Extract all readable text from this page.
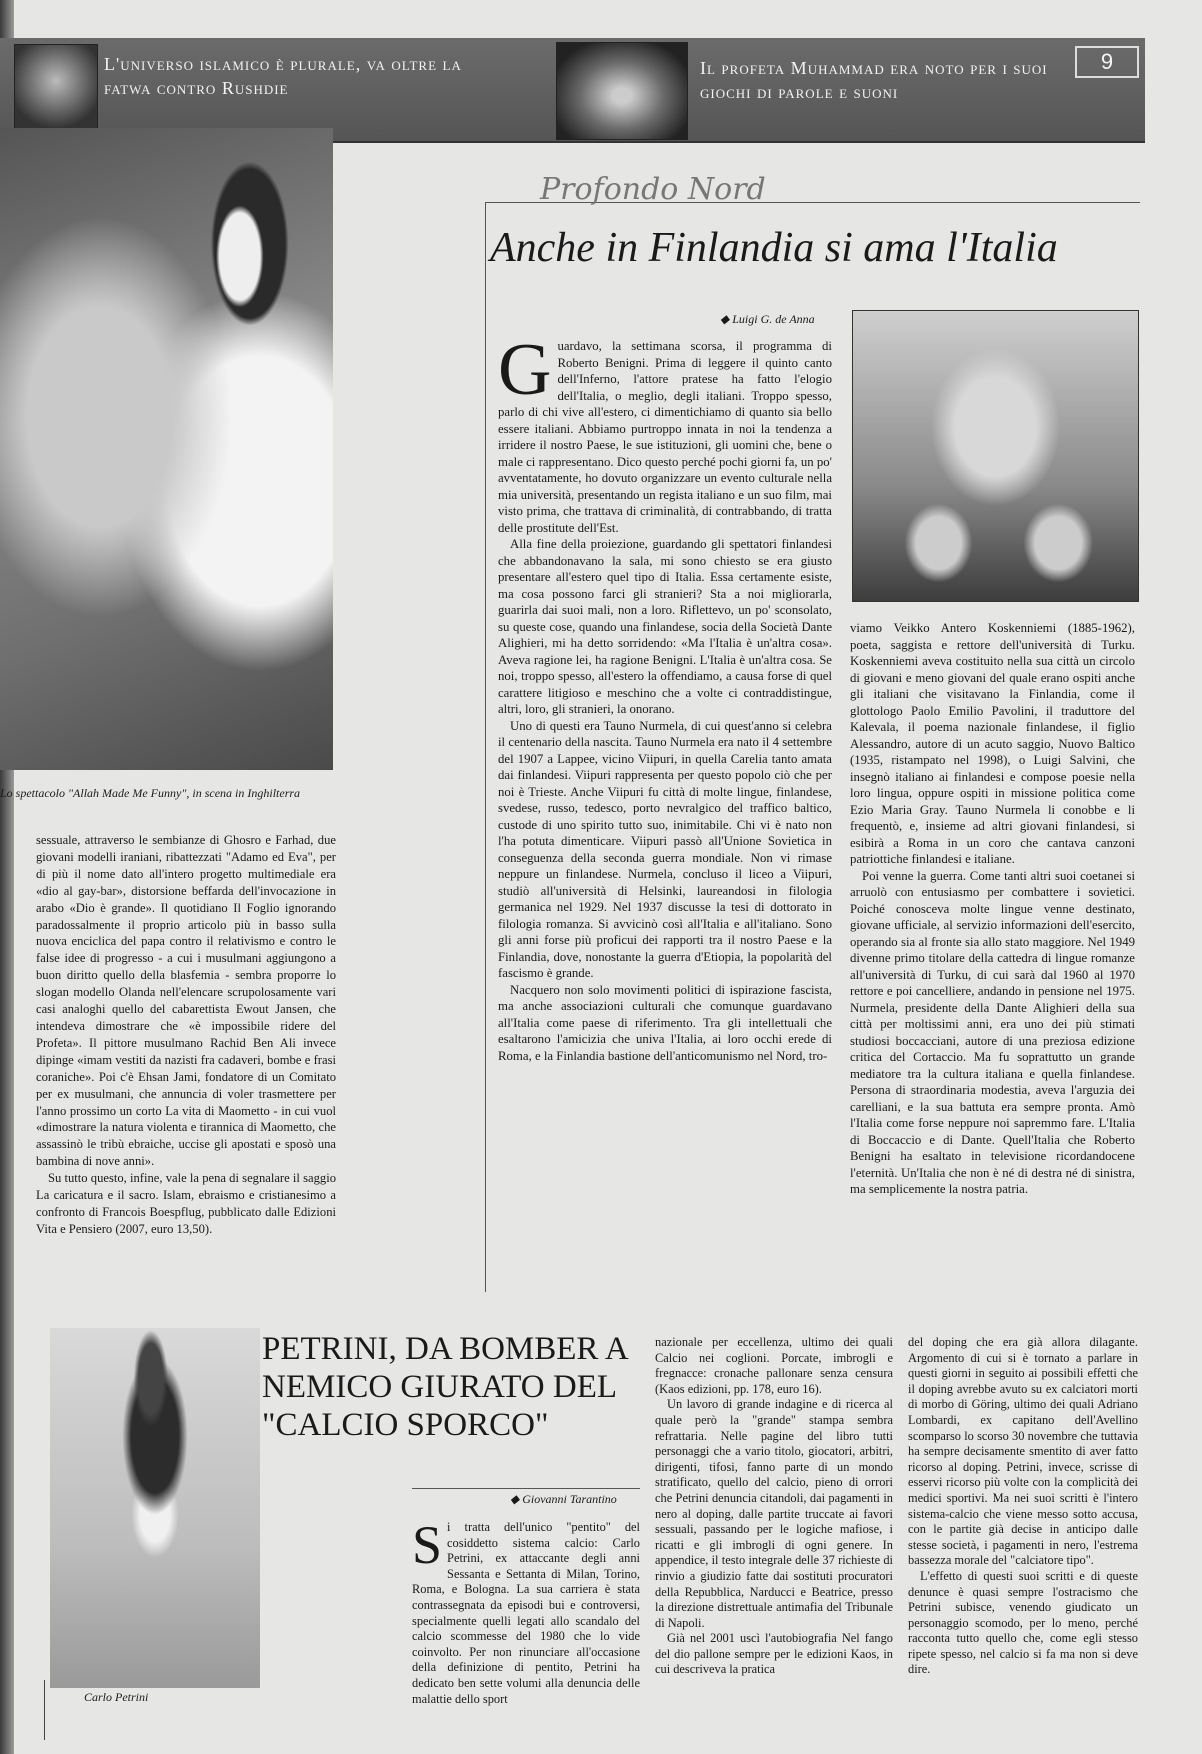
L'universo islamico è plurale, va oltre la fatwa contro Rushdie
Il profeta Muhammad era noto per i suoi giochi di parole e suoni
9
Lo spettacolo "Allah Made Me Funny", in scena in Inghilterra

sessuale, attraverso le sembianze di Ghosro e Farhad, due giovani modelli iraniani, ribattezzati "Adamo ed Eva", per di più il nome dato all'intero progetto multimediale era «dio al gay-bar», distorsione beffarda dell'invocazione in arabo «Dio è grande». Il quotidiano Il Foglio ignorando paradossalmente il proprio articolo più in basso sulla nuova enciclica del papa contro il relativismo e contro le false idee di progresso - a cui i musulmani aggiungono a buon diritto quello della blasfemia - sembra proporre lo slogan modello Olanda nell'elencare scrupolosamente vari casi analoghi quello del cabarettista Ewout Jansen, che intendeva dimostrare che «è impossibile ridere del Profeta». Il pittore musulmano Rachid Ben Ali invece dipinge «imam vestiti da nazisti fra cadaveri, bombe e frasi coraniche». Poi c'è Ehsan Jami, fondatore di un Comitato per ex musulmani, che annuncia di voler trasmettere per l'anno prossimo un corto La vita di Maometto - in cui vuol «dimostrare la natura violenta e tirannica di Maometto, che assassinò le tribù ebraiche, uccise gli apostati e sposò una bambina di nove anni».

Su tutto questo, infine, vale la pena di segnalare il saggio La caricatura e il sacro. Islam, ebraismo e cristianesimo a confronto di Francois Boespflug, pubblicato dalle Edizioni Vita e Pensiero (2007, euro 13,50).

Profondo Nord
Anche in Finlandia si ama l'Italia
◆ Luigi G. de Anna

Guardavo, la settimana scorsa, il programma di Roberto Benigni. Prima di leggere il quinto canto dell'Inferno, l'attore pratese ha fatto l'elogio dell'Italia, o meglio, degli italiani. Troppo spesso, parlo di chi vive all'estero, ci dimentichiamo di quanto sia bello essere italiani. Abbiamo purtroppo innata in noi la tendenza a irridere il nostro Paese, le sue istituzioni, gli uomini che, bene o male ci rappresentano. Dico questo perché pochi giorni fa, un po' avventatamente, ho dovuto organizzare un evento culturale nella mia università, presentando un regista italiano e un suo film, mai visto prima, che trattava di criminalità, di contrabbando, di tratta delle prostitute dell'Est.

Alla fine della proiezione, guardando gli spettatori finlandesi che abbandonavano la sala, mi sono chiesto se era giusto presentare all'estero quel tipo di Italia. Essa certamente esiste, ma cosa possono farci gli stranieri? Sta a noi migliorarla, guarirla dai suoi mali, non a loro. Riflettevo, un po' sconsolato, su queste cose, quando una finlandese, socia della Società Dante Alighieri, mi ha detto sorridendo: «Ma l'Italia è un'altra cosa». Aveva ragione lei, ha ragione Benigni. L'Italia è un'altra cosa. Se noi, troppo spesso, all'estero la offendiamo, a causa forse di quel carattere litigioso e meschino che a volte ci contraddistingue, altri, loro, gli stranieri, la onorano.

Uno di questi era Tauno Nurmela, di cui quest'anno si celebra il centenario della nascita. Tauno Nurmela era nato il 4 settembre del 1907 a Lappee, vicino Viipuri, in quella Carelia tanto amata dai finlandesi. Viipuri rappresenta per questo popolo ciò che per noi è Trieste. Anche Viipuri fu città di molte lingue, finlandese, svedese, russo, tedesco, porto nevralgico del traffico baltico, custode di uno spirito tutto suo, inimitabile. Chi vi è nato non l'ha potuta dimenticare. Viipuri passò all'Unione Sovietica in conseguenza della seconda guerra mondiale. Non vi rimase neppure un finlandese. Nurmela, concluso il liceo a Viipuri, studiò all'università di Helsinki, laureandosi in filologia germanica nel 1929. Nel 1937 discusse la tesi di dottorato in filologia romanza. Si avvicinò così all'Italia e all'italiano. Sono gli anni forse più proficui dei rapporti tra il nostro Paese e la Finlandia, dove, nonostante la guerra d'Etiopia, la popolarità del fascismo è grande.

Nacquero non solo movimenti politici di ispirazione fascista, ma anche associazioni culturali che comunque guardavano all'Italia come paese di riferimento. Tra gli intellettuali che esaltarono l'amicizia che univa l'Italia, ai loro occhi erede di Roma, e la Finlandia bastione dell'anticomunismo nel Nord, tro-

viamo Veikko Antero Koskenniemi (1885-1962), poeta, saggista e rettore dell'università di Turku. Koskenniemi aveva costituito nella sua città un circolo di giovani e meno giovani del quale erano ospiti anche gli italiani che visitavano la Finlandia, come il glottologo Paolo Emilio Pavolini, il traduttore del Kalevala, il poema nazionale finlandese, il figlio Alessandro, autore di un acuto saggio, Nuovo Baltico (1935, ristampato nel 1998), o Luigi Salvini, che insegnò italiano ai finlandesi e compose poesie nella loro lingua, oppure ospiti in missione politica come Ezio Maria Gray. Tauno Nurmela li conobbe e li frequentò, e, insieme ad altri giovani finlandesi, si esibirà a Roma in un coro che cantava canzoni patriottiche finlandesi e italiane.

Poi venne la guerra. Come tanti altri suoi coetanei si arruolò con entusiasmo per combattere i sovietici. Poiché conosceva molte lingue venne destinato, giovane ufficiale, al servizio informazioni dell'esercito, operando sia al fronte sia allo stato maggiore. Nel 1949 divenne primo titolare della cattedra di lingue romanze all'università di Turku, di cui sarà dal 1960 al 1970 rettore e poi cancelliere, andando in pensione nel 1975. Nurmela, presidente della Dante Alighieri della sua città per moltissimi anni, era uno dei più stimati studiosi boccacciani, autore di una preziosa edizione critica del Cortaccio. Ma fu soprattutto un grande mediatore tra la cultura italiana e quella finlandese. Persona di straordinaria modestia, aveva l'arguzia dei carelliani, e la sua battuta era sempre pronta. Amò l'Italia come forse neppure noi sapremmo fare. L'Italia di Boccaccio e di Dante. Quell'Italia che Roberto Benigni ha esaltato in televisione ricordandocene l'eternità. Un'Italia che non è né di destra né di sinistra, ma semplicemente la nostra patria.

Carlo Petrini
PETRINI, DA BOMBER A NEMICO GIURATO DEL "CALCIO SPORCO"
◆ Giovanni Tarantino

Si tratta dell'unico "pentito" del cosiddetto sistema calcio: Carlo Petrini, ex attaccante degli anni Sessanta e Settanta di Milan, Torino, Roma, e Bologna. La sua carriera è stata contrassegnata da episodi bui e controversi, specialmente quelli legati allo scandalo del calcio scommesse del 1980 che lo vide coinvolto. Per non rinunciare all'occasione della definizione di pentito, Petrini ha dedicato ben sette volumi alla denuncia delle malattie dello sport

nazionale per eccellenza, ultimo dei quali Calcio nei coglioni. Porcate, imbrogli e fregnacce: cronache pallonare senza censura (Kaos edizioni, pp. 178, euro 16).

Un lavoro di grande indagine e di ricerca al quale però la "grande" stampa sembra refrattaria. Nelle pagine del libro tutti personaggi che a vario titolo, giocatori, arbitri, dirigenti, tifosi, fanno parte di un mondo stratificato, quello del calcio, pieno di orrori che Petrini denuncia citandoli, dai pagamenti in nero al doping, dalle partite truccate ai favori sessuali, passando per le logiche mafiose, i ricatti e gli imbrogli di ogni genere. In appendice, il testo integrale delle 37 richieste di rinvio a giudizio fatte dai sostituti procuratori della Repubblica, Narducci e Beatrice, presso la direzione distrettuale antimafia del Tribunale di Napoli.

Già nel 2001 uscì l'autobiografia Nel fango del dio pallone sempre per le edizioni Kaos, in cui descriveva la pratica

del doping che era già allora dilagante. Argomento di cui si è tornato a parlare in questi giorni in seguito ai possibili effetti che il doping avrebbe avuto su ex calciatori morti di morbo di Göring, ultimo dei quali Adriano Lombardi, ex capitano dell'Avellino scomparso lo scorso 30 novembre che tuttavia ha sempre decisamente smentito di aver fatto ricorso al doping. Petrini, invece, scrisse di esservi ricorso più volte con la complicità dei medici sportivi. Ma nei suoi scritti è l'intero sistema-calcio che viene messo sotto accusa, con le partite già decise in anticipo dalle stesse società, i pagamenti in nero, l'estrema bassezza morale del "calciatore tipo".

L'effetto di questi suoi scritti e di queste denunce è quasi sempre l'ostracismo che Petrini subisce, venendo giudicato un personaggio scomodo, per lo meno, perché racconta tutto quello che, come egli stesso ripete spesso, nel calcio si fa ma non si deve dire.
